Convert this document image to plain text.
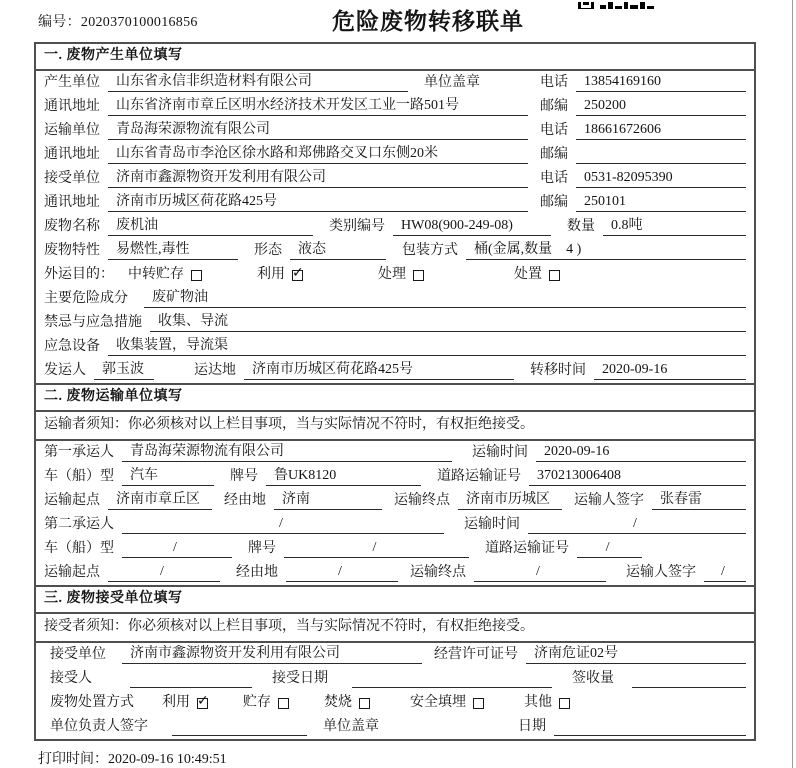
编号：2020370100016856	危险废物转移联单
一. 废物产生单位填写
产生单位	山东省永信非织造材料有限公司	单位盖章	电话	13854169160
通讯地址	山东省济南市章丘区明水经济技术开发区工业一路501号	邮编	250200
运输单位	青岛海荣源物流有限公司	电话	18661672606
通讯地址	山东省青岛市李沧区徐水路和郑佛路交叉口东侧20米	邮编
接受单位	济南市鑫源物资开发利用有限公司	电话	0531-82095390
通讯地址	济南市历城区荷花路425号	邮编	250101
废物名称	废机油	类别编号	HW08(900-249-08)	数量	0.8吨
废物特性	易燃性,毒性	形态	液态	包装方式	桶(金属,数量　4 )
外运目的： 中转贮存	利用 ✓	处理	处置
主要危险成分	废矿物油
禁忌与应急措施	收集、导流
应急设备	收集装置，导流渠
发运人	郭玉波	运达地	济南市历城区荷花路425号	转移时间	2020-09-16
二. 废物运输单位填写
运输者须知：你必须核对以上栏目事项，当与实际情况不符时，有权拒绝接受。
第一承运人	青岛海荣源物流有限公司	运输时间	2020-09-16
车（船）型	汽车	牌号	鲁UK8120	道路运输证号	370213006408
运输起点	济南市章丘区	经由地	济南	运输终点	济南市历城区	运输人签字	张春雷
第二承运人	/	运输时间	/
车（船）型	/	牌号	/	道路运输证号	/
运输起点	/	经由地	/	运输终点	/	运输人签字	/
三. 废物接受单位填写
接受者须知：你必须核对以上栏目事项，当与实际情况不符时，有权拒绝接受。
接受单位	济南市鑫源物资开发利用有限公司	经营许可证号	济南危证02号
接受人	接受日期	签收量
废物处置方式 利用 ✓	贮存	焚烧	安全填埋	其他
单位负责人签字	单位盖章	日期
打印时间：2020-09-16 10:49:51
